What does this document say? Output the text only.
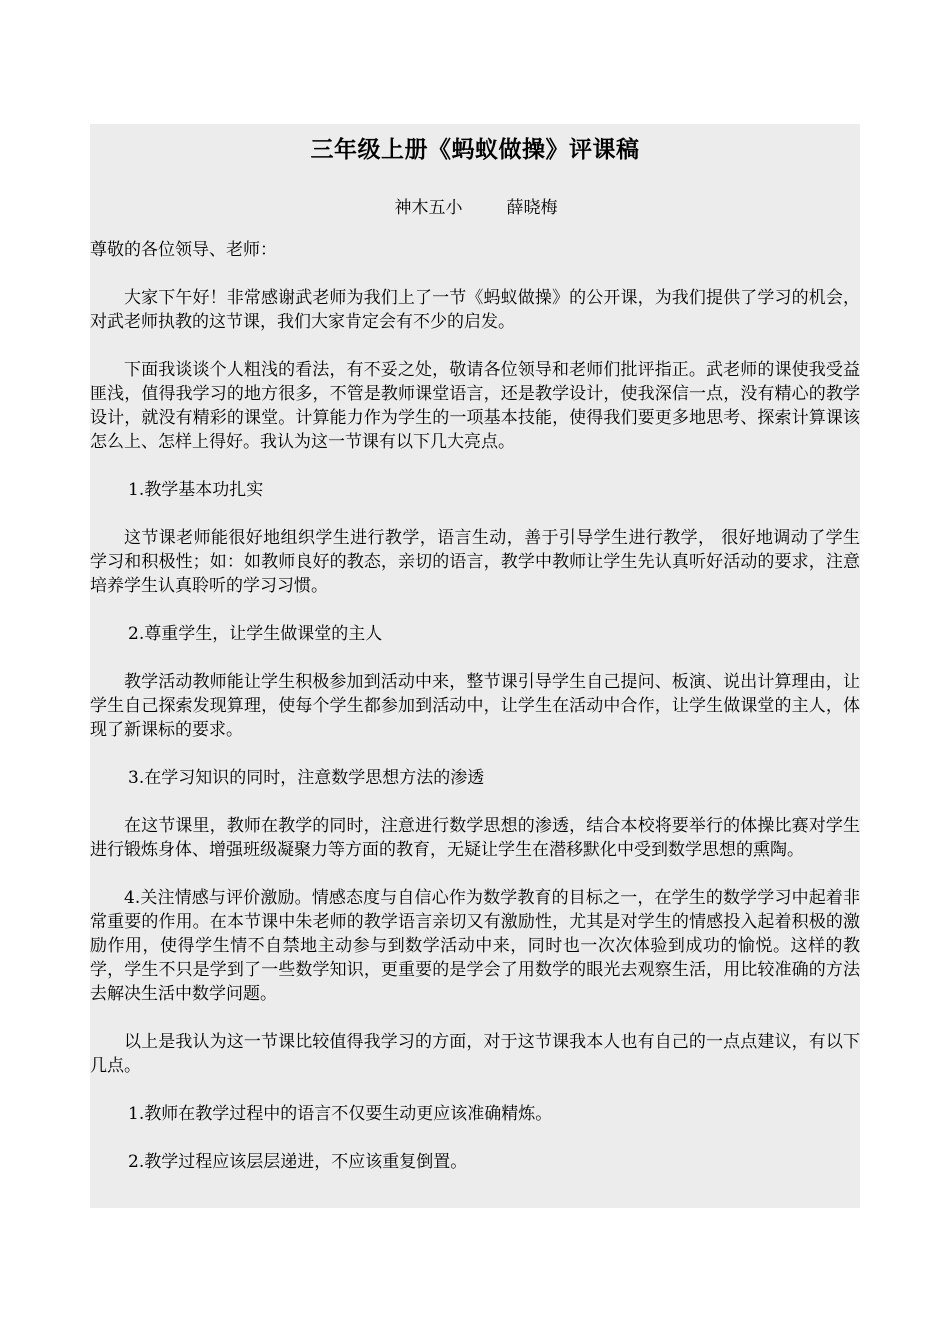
三年级上册《蚂蚁做操》评课稿
神木五小	薛晓梅

尊敬的各位领导、老师：

大家下午好！非常感谢武老师为我们上了一节《蚂蚁做操》的公开课，为我们提供了学习的机会，对武老师执教的这节课，我们大家肯定会有不少的启发。

下面我谈谈个人粗浅的看法，有不妥之处，敬请各位领导和老师们批评指正。武老师的课使我受益匪浅，值得我学习的地方很多，不管是教师课堂语言，还是教学设计，使我深信一点，没有精心的教学设计，就没有精彩的课堂。计算能力作为学生的一项基本技能，使得我们要更多地思考、探索计算课该怎么上、怎样上得好。我认为这一节课有以下几大亮点。

1.教学基本功扎实

这节课老师能很好地组织学生进行教学，语言生动，善于引导学生进行教学， 很好地调动了学生学习和积极性；如：如教师良好的教态，亲切的语言，教学中教师让学生先认真听好活动的要求，注意培养学生认真聆听的学习习惯。

2.尊重学生，让学生做课堂的主人

教学活动教师能让学生积极参加到活动中来，整节课引导学生自己提问、板演、说出计算理由，让学生自己探索发现算理，使每个学生都参加到活动中，让学生在活动中合作，让学生做课堂的主人，体现了新课标的要求。

3.在学习知识的同时，注意数学思想方法的渗透

在这节课里，教师在教学的同时，注意进行数学思想的渗透，结合本校将要举行的体操比赛对学生进行锻炼身体、增强班级凝聚力等方面的教育，无疑让学生在潜移默化中受到数学思想的熏陶。

4.关注情感与评价激励。情感态度与自信心作为数学教育的目标之一，在学生的数学学习中起着非常重要的作用。在本节课中朱老师的教学语言亲切又有激励性，尤其是对学生的情感投入起着积极的激励作用，使得学生情不自禁地主动参与到数学活动中来，同时也一次次体验到成功的愉悦。这样的教学，学生不只是学到了一些数学知识，更重要的是学会了用数学的眼光去观察生活，用比较准确的方法去解决生活中数学问题。

以上是我认为这一节课比较值得我学习的方面，对于这节课我本人也有自己的一点点建议，有以下几点。

1.教师在教学过程中的语言不仅要生动更应该准确精炼。

2.教学过程应该层层递进，不应该重复倒置。
